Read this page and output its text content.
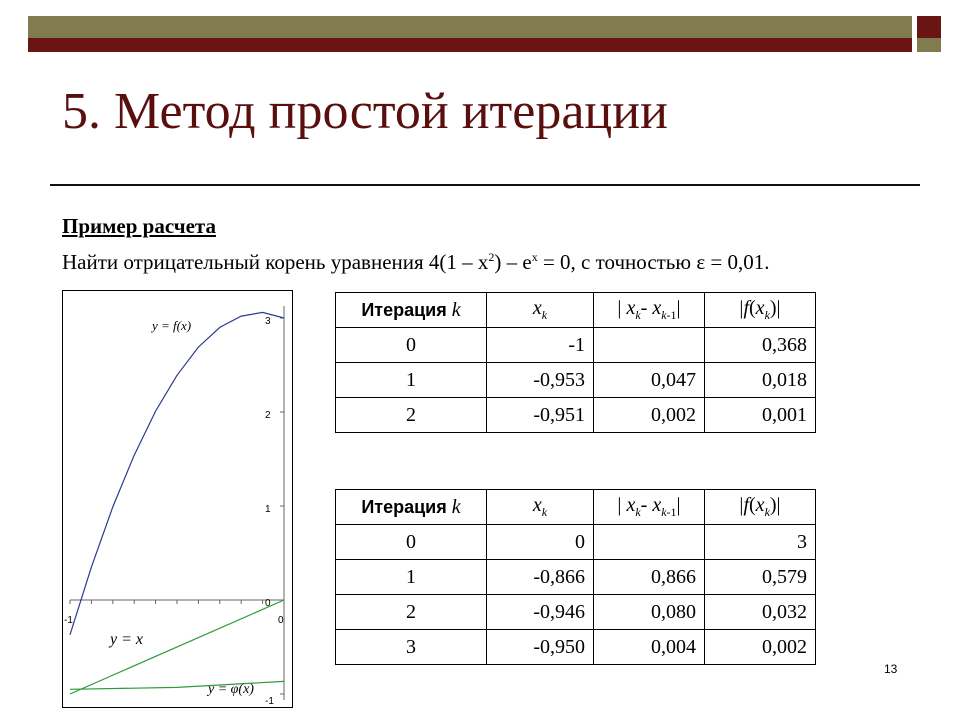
5. Метод простой итерации
Пример расчета
Найти отрицательный корень уравнения $4(1 - x^2) - e^x = 0$, с точностью ε = 0,01.
-1	0
-1
0
1
2
3
y = f(x)
y = x
y = φ(x)
Итерация k	$x_k$	| $x_k-$ $x_{k-1}|$	$|f(x_k)|$
0	-1		0,368
1	-0,953	0,047	0,018
2	-0,951	0,002	0,001
Итерация k	$x_k$	| $x_k-$ $x_{k-1}|$	$|f(x_k)|$
0	0		3
1	-0,866	0,866	0,579
2	-0,946	0,080	0,032
3	-0,950	0,004	0,002
13
